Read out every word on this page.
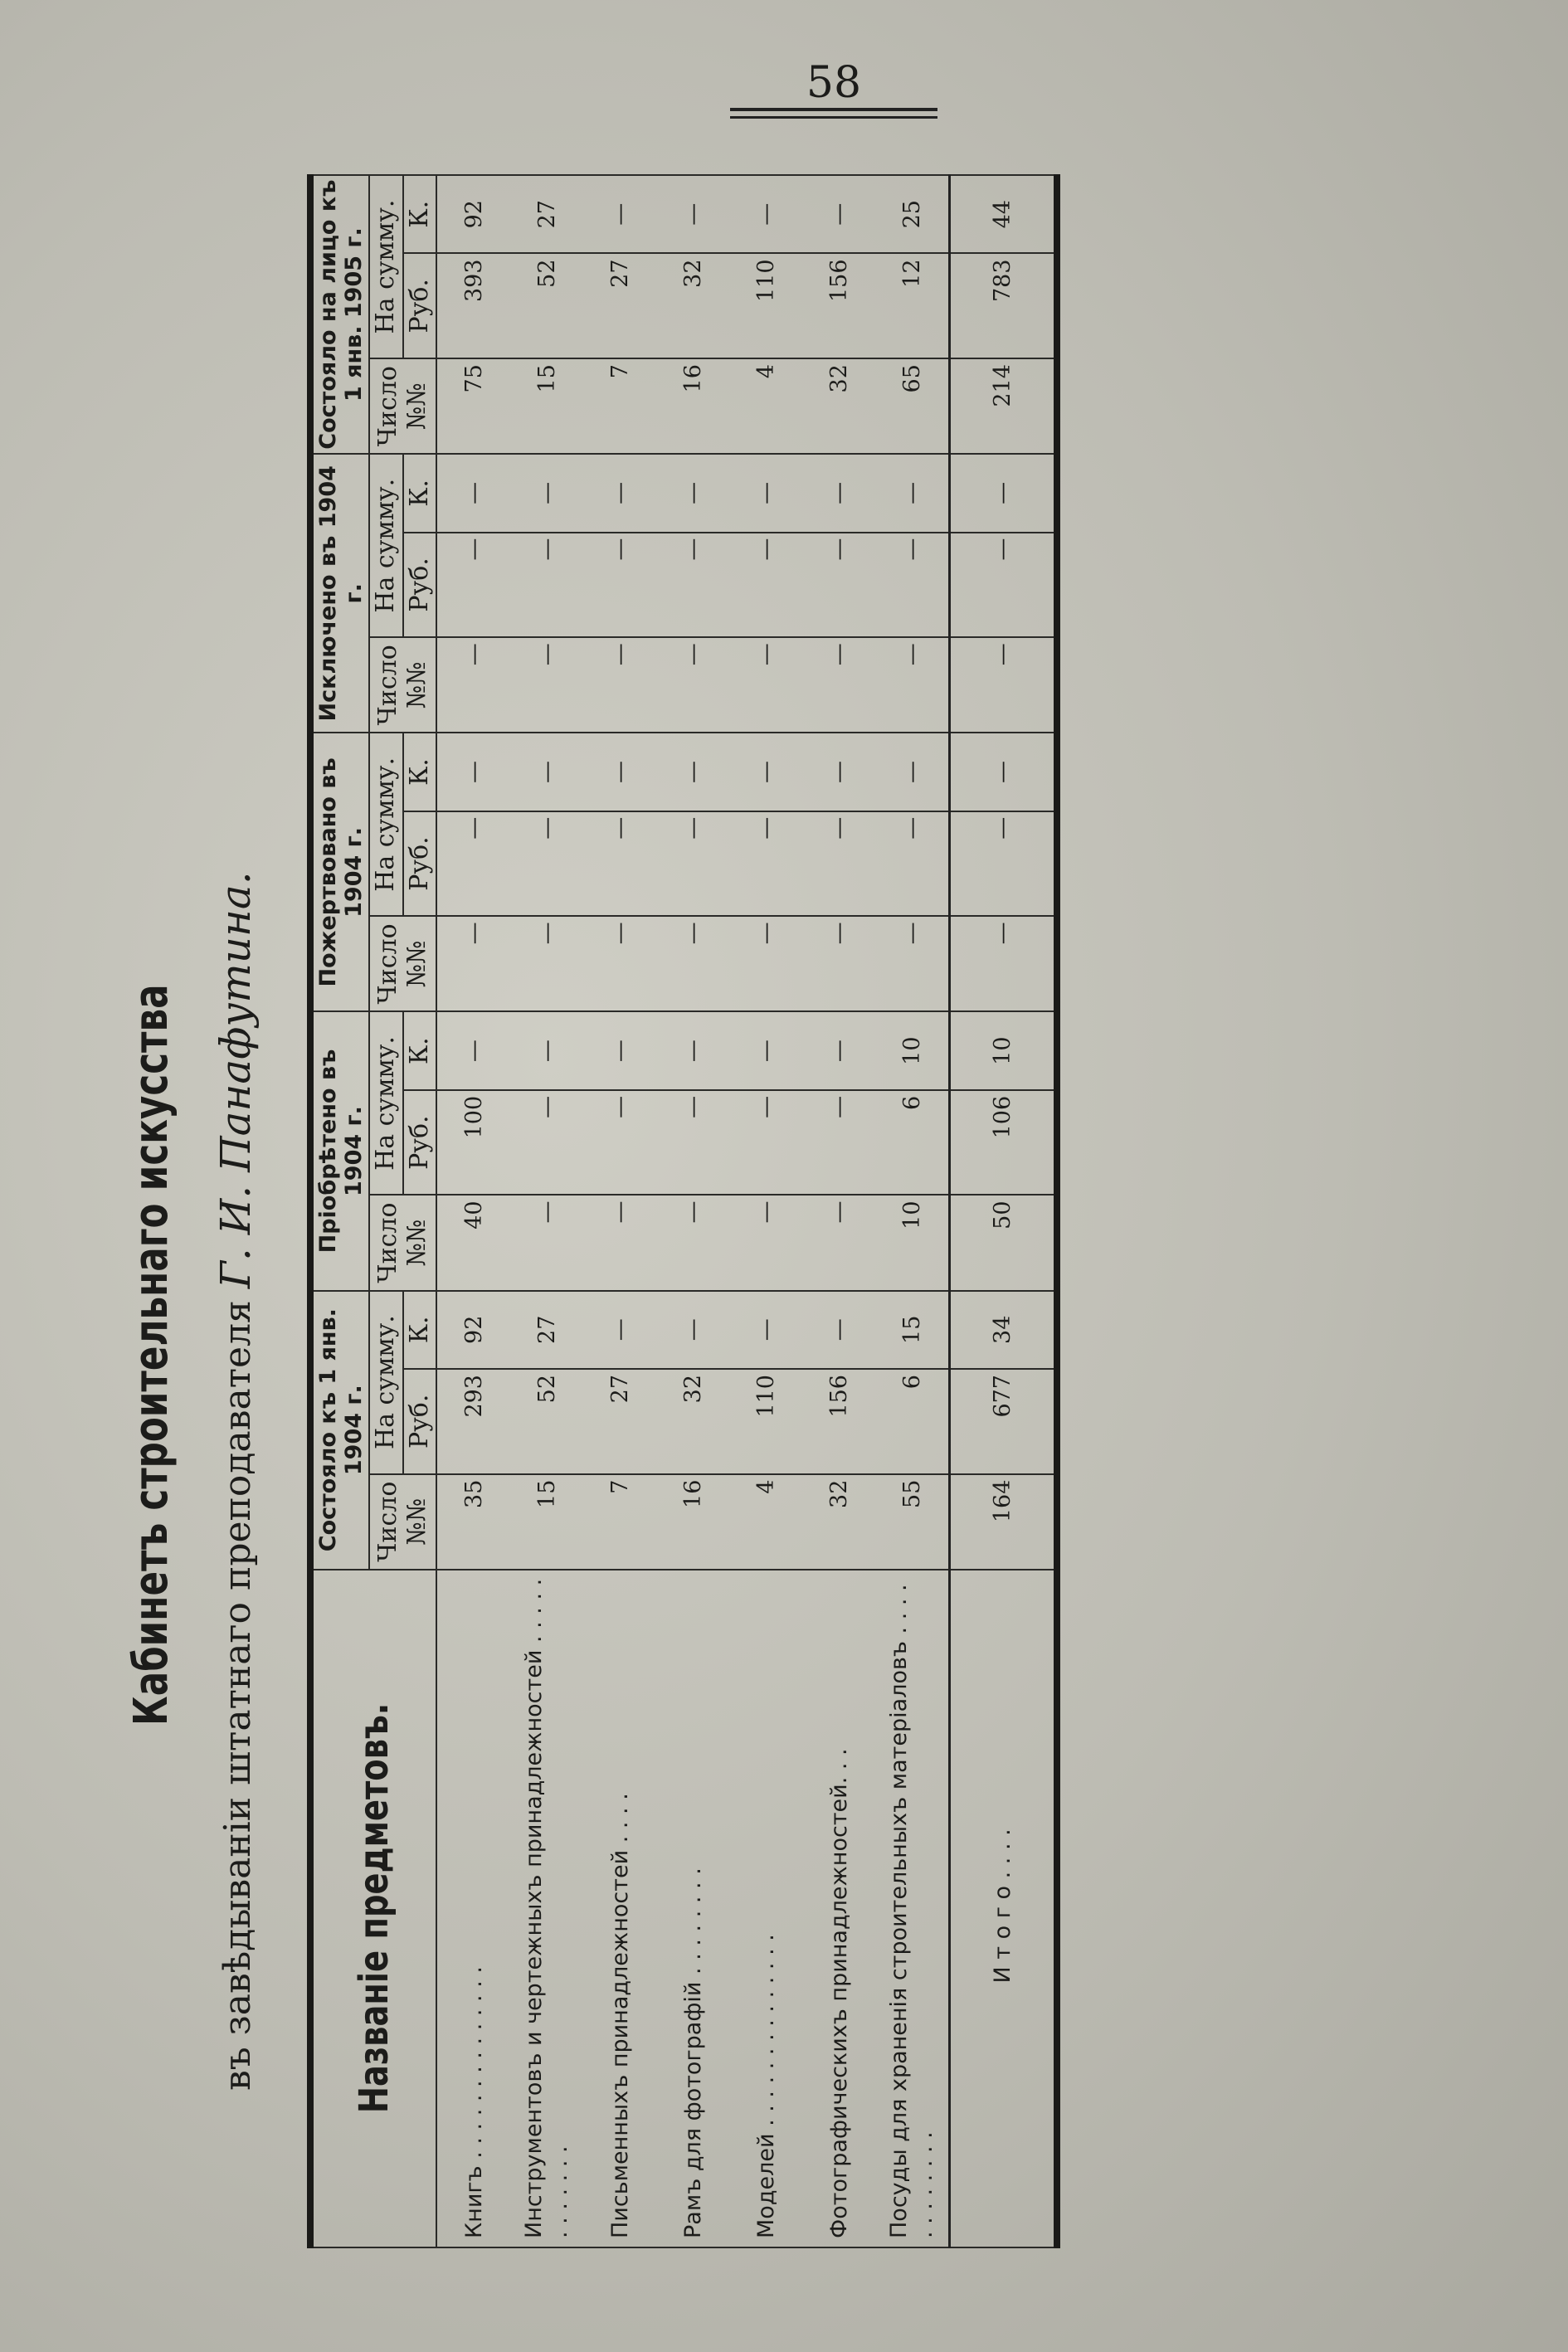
58
Кабинетъ строительнаго искусства въ завѣдываніи штатнаго преподавателя Г. И. Панафутина.
Названіе предметовъ.	Состояло къ 1 янв. 1904 г.			Пріобрѣтено въ 1904 г.			Пожертвовано въ 1904 г.			Исключено въ 1904 г.			Состояло на лицо къ 1 янв. 1905 г.		
	Число №№	На сумму.		Число №№	На сумму.		Число №№	На сумму.		Число №№	На сумму.		Число №№	На сумму.	
		Руб.	К.		Руб.	К.		Руб.	К.		Руб.	К.		Руб.	К.
Книгъ . . . . . . . . . . . . . .	35	293	92	40	100	—	—	—	—	—	—	—	75	393	92
Инструментовъ и чертежныхъ принадлежностей . . . . . . . . . . . .	15	52	27	—	—	—	—	—	—	—	—	—	15	52	27
Письменныхъ принадлежностей . . . .	7	27	—	—	—	—	—	—	—	—	—	—	7	27	—
Рамъ для фотографій . . . . . . . .	16	32	—	—	—	—	—	—	—	—	—	—	16	32	—
Моделей . . . . . . . . . . . . . .	4	110	—	—	—	—	—	—	—	—	—	—	4	110	—
Фотографическихъ принадлежностей. . .	32	156	—	—	—	—	—	—	—	—	—	—	32	156	—
Посуды для храненія строительныхъ матеріаловъ . . . . . . . . . . . .	55	6	15	10	6	10	—	—	—	—	—	—	65	12	25
И т о г о . . . .	164	677	34	50	106	10	—	—	—	—	—	—	214	783	44
